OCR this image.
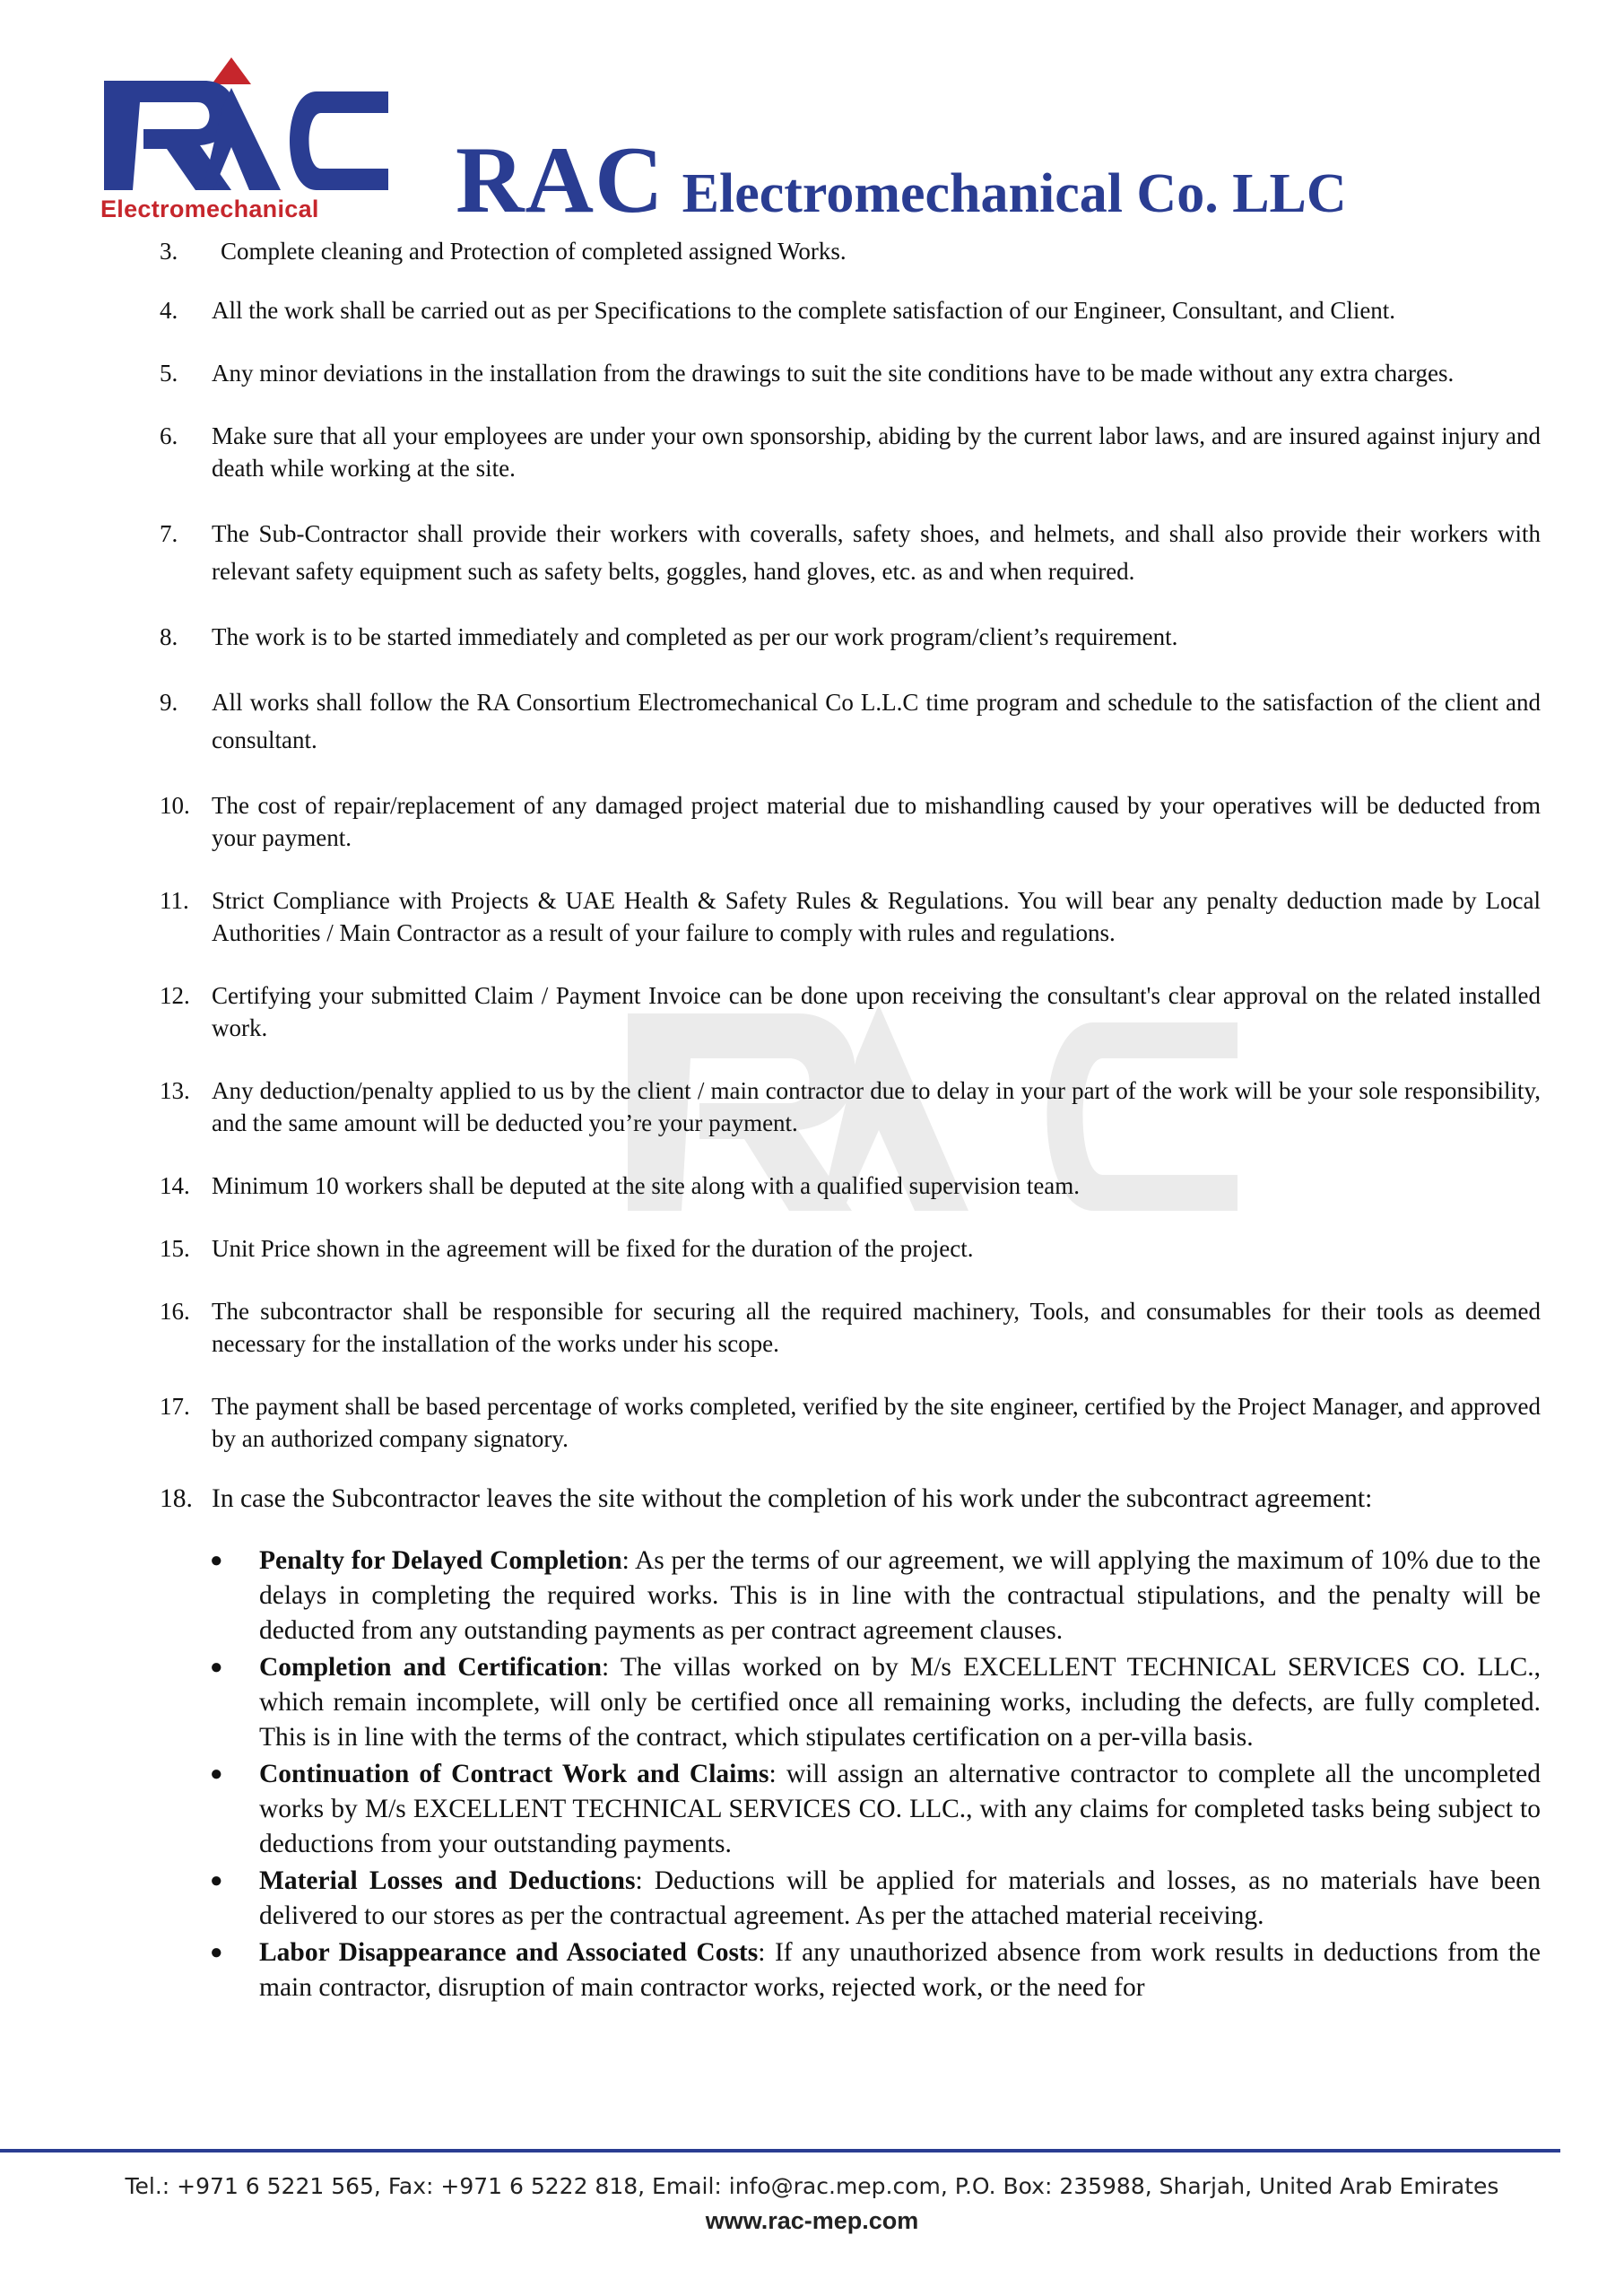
Electromechanical RAC Electromechanical Co. LLC
3.	Complete cleaning and Protection of completed assigned Works.
4.	All the work shall be carried out as per Specifications to the complete satisfaction of our Engineer, Consultant, and Client.
5.	Any minor deviations in the installation from the drawings to suit the site conditions have to be made without any extra charges.
6.	Make sure that all your employees are under your own sponsorship, abiding by the current labor laws, and are insured against injury and death while working at the site.
7.	The Sub-Contractor shall provide their workers with coveralls, safety shoes, and helmets, and shall also provide their workers with relevant safety equipment such as safety belts, goggles, hand gloves, etc. as and when required.
8.	The work is to be started immediately and completed as per our work program/client’s requirement.
9.	All works shall follow the RA Consortium Electromechanical Co L.L.C time program and schedule to the satisfaction of the client and consultant.
10. The cost of repair/replacement of any damaged project material due to mishandling caused by your operatives will be deducted from your payment.
11. Strict Compliance with Projects & UAE Health & Safety Rules & Regulations. You will bear any penalty deduction made by Local Authorities / Main Contractor as a result of your failure to comply with rules and regulations.
12. Certifying your submitted Claim / Payment Invoice can be done upon receiving the consultant's clear approval on the related installed work.
13. Any deduction/penalty applied to us by the client / main contractor due to delay in your part of the work will be your sole responsibility, and the same amount will be deducted you’re your payment.
14. Minimum 10 workers shall be deputed at the site along with a qualified supervision team.
15. Unit Price shown in the agreement will be fixed for the duration of the project.
16. The subcontractor shall be responsible for securing all the required machinery, Tools, and consumables for their tools as deemed necessary for the installation of the works under his scope.
17. The payment shall be based percentage of works completed, verified by the site engineer, certified by the Project Manager, and approved by an authorized company signatory.
18. In case the Subcontractor leaves the site without the completion of his work under the subcontract agreement:
●	Penalty for Delayed Completion: As per the terms of our agreement, we will applying the maximum of 10% due to the delays in completing the required works. This is in line with the contractual stipulations, and the penalty will be deducted from any outstanding payments as per contract agreement clauses.
●	Completion and Certification: The villas worked on by M/s EXCELLENT TECHNICAL SERVICES CO. LLC., which remain incomplete, will only be certified once all remaining works, including the defects, are fully completed. This is in line with the terms of the contract, which stipulates certification on a per-villa basis.
●	Continuation of Contract Work and Claims: will assign an alternative contractor to complete all the uncompleted works by M/s EXCELLENT TECHNICAL SERVICES CO. LLC., with any claims for completed tasks being subject to deductions from your outstanding payments.
●	Material Losses and Deductions: Deductions will be applied for materials and losses, as no materials have been delivered to our stores as per the contractual agreement. As per the attached material receiving.
●	Labor Disappearance and Associated Costs: If any unauthorized absence from work results in deductions from the main contractor, disruption of main contractor works, rejected work, or the need for
Tel.: +971 6 5221 565, Fax: +971 6 5222 818, Email: info@rac.mep.com, P.O. Box: 235988, Sharjah, United Arab Emirates
www.rac-mep.com
